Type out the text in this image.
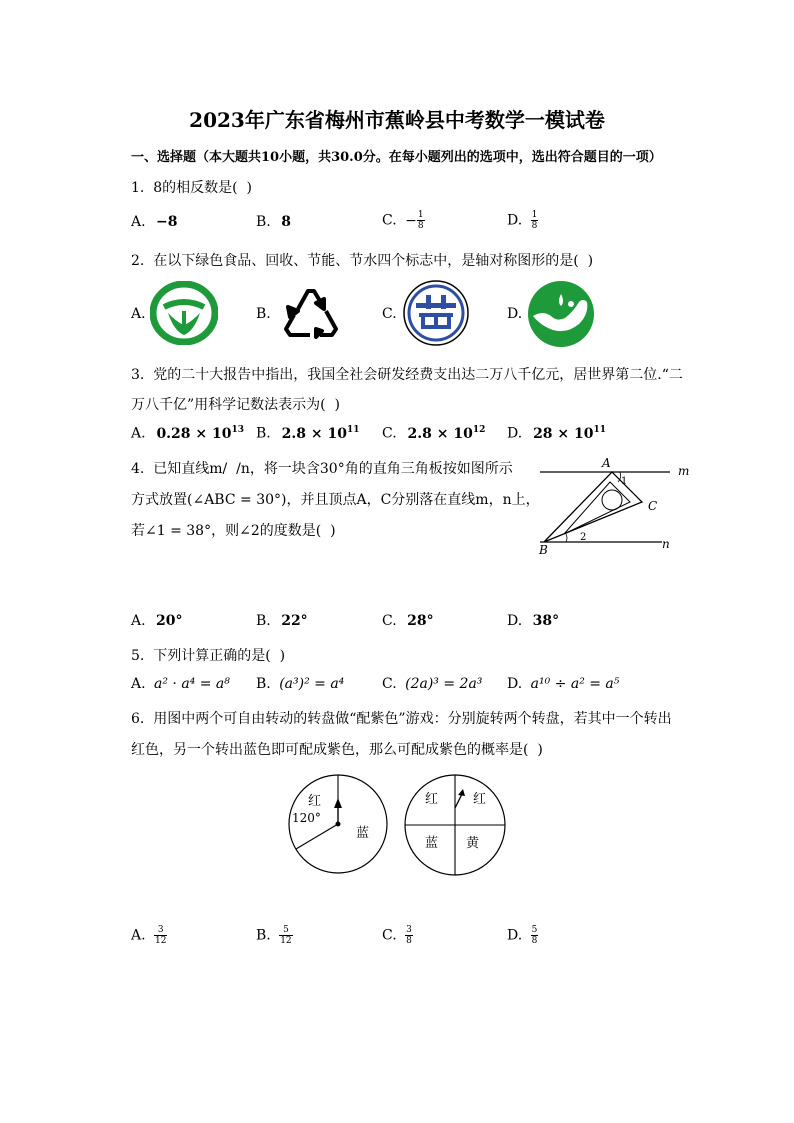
2023年广东省梅州市蕉岭县中考数学一模试卷
一、选择题（本大题共10小题，共30.0分。在每小题列出的选项中，选出符合题目的一项）
1.  8的相反数是(  )
A. −8	B. 8	C. − $\frac{1}{8}$	D. $\frac{1}{8}$
2.  在以下绿色食品、回收、节能、节水四个标志中，是轴对称图形的是(  )
A.	B.	C.	D.
3.  党的二十大报告中指出，我国全社会研发经费支出达二万八千亿元，居世界第二位.“二
万八千亿”用科学记数法表示为(  )
A. $0.28 \times 10^{13}$ B. $2.8 \times 10^{11}$ C. $2.8 \times 10^{12}$ D. $28 \times 10^{11}$
4.  已知直线m/  /n，将一块含30°角的直角三角板按如图所示
方式放置(∠ABC = 30°)，并且顶点A，C分别落在直线m，n上，
若∠1 = 38°，则∠2的度数是(  )
A
B
C
m
n
1
2
A. 20°	B. 22°	C. 28°	D. 38°
5.  下列计算正确的是(  )
A. a² · a⁴ = a⁸ B. (a³)² = a⁴	C. (2a)³ = 2a³ D. a¹⁰ ÷ a² = a⁵
6.  用图中两个可自由转动的转盘做“配紫色”游戏：分别旋转两个转盘，若其中一个转出
红色，另一个转出蓝色即可配成紫色，那么可配成紫色的概率是(  )
红
120°
蓝
红	红
蓝 黄
A. $\frac{3}{12}$	B. $\frac{5}{12}$	C. $\frac{3}{8}$	D. $\frac{5}{8}$
